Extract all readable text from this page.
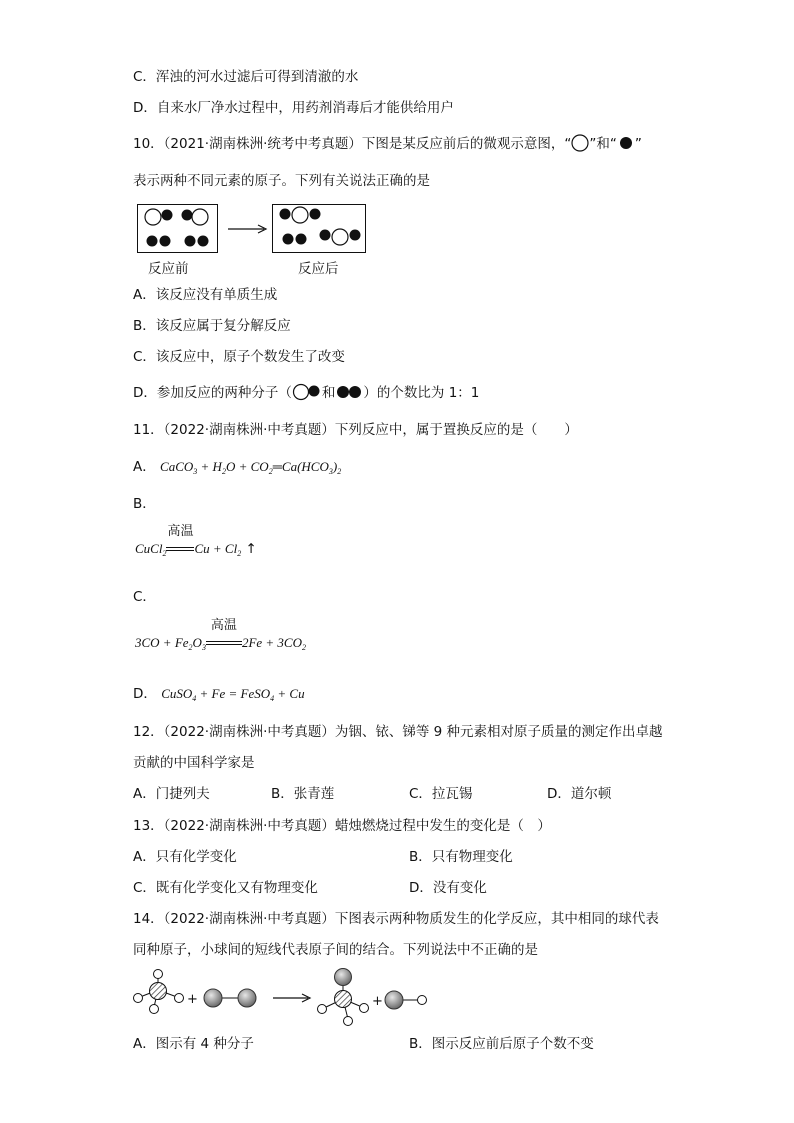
C．浑浊的河水过滤后可得到清澈的水
D．自来水厂净水过程中，用药剂消毒后才能供给用户
10．（2021·湖南株洲·统考中考真题）下图是某反应前后的微观示意图，“ ”和“ ”
表示两种不同元素的原子。下列有关说法正确的是
反应前	反应后
A．该反应没有单质生成
B．该反应属于复分解反应
C．该反应中，原子个数发生了改变
D．参加反应的两种分子（ 和 ）的个数比为 1：1
11．（2022·湖南株洲·中考真题）下列反应中，属于置换反应的是（　　）
A． CaCO$_3$ + $H_2O$ + $CO_2═Ca(HCO_3)_2$
B．
CuCl$_2$
高温
$Cu + Cl_2$ ↑
C．
$3CO + Fe_2O_3$
高温
$2Fe + 3CO_2$
D． CuSO$_4$ + Fe = FeSO$_4$ + Cu
12．（2022·湖南株洲·中考真题）为铟、铱、锑等 9 种元素相对原子质量的测定作出卓越
贡献的中国科学家是
A．门捷列夫	B．张青莲	C．拉瓦锡	D．道尔顿
13．（2022·湖南株洲·中考真题）蜡烛燃烧过程中发生的变化是（　）
A．只有化学变化	B．只有物理变化
C．既有化学变化又有物理变化	D．没有变化
14．（2022·湖南株洲·中考真题）下图表示两种物质发生的化学反应，其中相同的球代表
同种原子，小球间的短线代表原子间的结合。下列说法中不正确的是
+	+
A．图示有 4 种分子	B．图示反应前后原子个数不变
